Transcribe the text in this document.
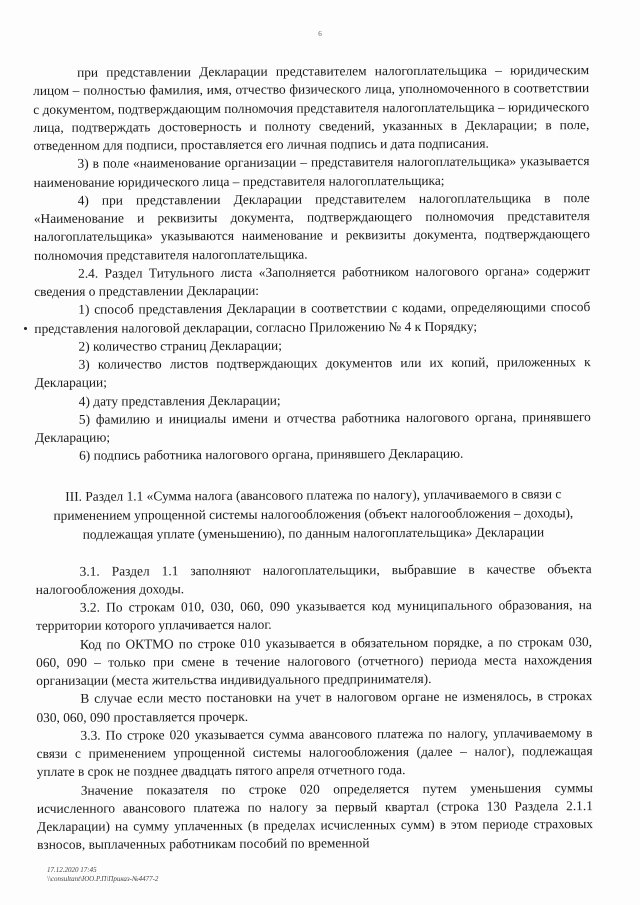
6

при представлении Декларации представителем налогоплательщика – юридическим лицом – полностью фамилия, имя, отчество физического лица, уполномоченного в соответствии с документом, подтверждающим полномочия представителя налогоплательщика – юридического лица, подтверждать достоверность и полноту сведений, указанных в Декларации; в поле, отведенном для подписи, проставляется его личная подпись и дата подписания.

3) в поле «наименование организации – представителя налогоплательщика» указывается наименование юридического лица – представителя налогоплательщика;

4) при представлении Декларации представителем налогоплательщика в поле «Наименование и реквизиты документа, подтверждающего полномочия представителя налогоплательщика» указываются наименование и реквизиты документа, подтверждающего полномочия представителя налогоплательщика.

2.4. Раздел Титульного листа «Заполняется работником налогового органа» содержит сведения о представлении Декларации:

1) способ представления Декларации в соответствии с кодами, определяющими способ представления налоговой декларации, согласно Приложению № 4 к Порядку;

2) количество страниц Декларации;

3) количество листов подтверждающих документов или их копий, приложенных к Декларации;

4) дату представления Декларации;

5) фамилию и инициалы имени и отчества работника налогового органа, принявшего Декларацию;

6) подпись работника налогового органа, принявшего Декларацию.

III. Раздел 1.1 «Сумма налога (авансового платежа по налогу), уплачиваемого в связи с применением упрощенной системы налогообложения (объект налогообложения – доходы), подлежащая уплате (уменьшению), по данным налогоплательщика» Декларации

3.1. Раздел 1.1 заполняют налогоплательщики, выбравшие в качестве объекта налогообложения доходы.

3.2. По строкам 010, 030, 060, 090 указывается код муниципального образования, на территории которого уплачивается налог.

Код по ОКТМО по строке 010 указывается в обязательном порядке, а по строкам 030, 060, 090 – только при смене в течение налогового (отчетного) периода места нахождения организации (места жительства индивидуального предпринимателя).

В случае если место постановки на учет в налоговом органе не изменялось, в строках 030, 060, 090 проставляется прочерк.

3.3. По строке 020 указывается сумма авансового платежа по налогу, уплачиваемому в связи с применением упрощенной системы налогообложения (далее – налог), подлежащая уплате в срок не позднее двадцать пятого апреля отчетного года.

Значение показателя по строке 020 определяется путем уменьшения суммы исчисленного авансового платежа по налогу за первый квартал (строка 130 Раздела 2.1.1 Декларации) на сумму уплаченных (в пределах исчисленных сумм) в этом периоде страховых взносов, выплаченных работникам пособий по временной

17.12.2020 17:45
\\consultant\ЮО.Р.П\Приказ-№4477-2
